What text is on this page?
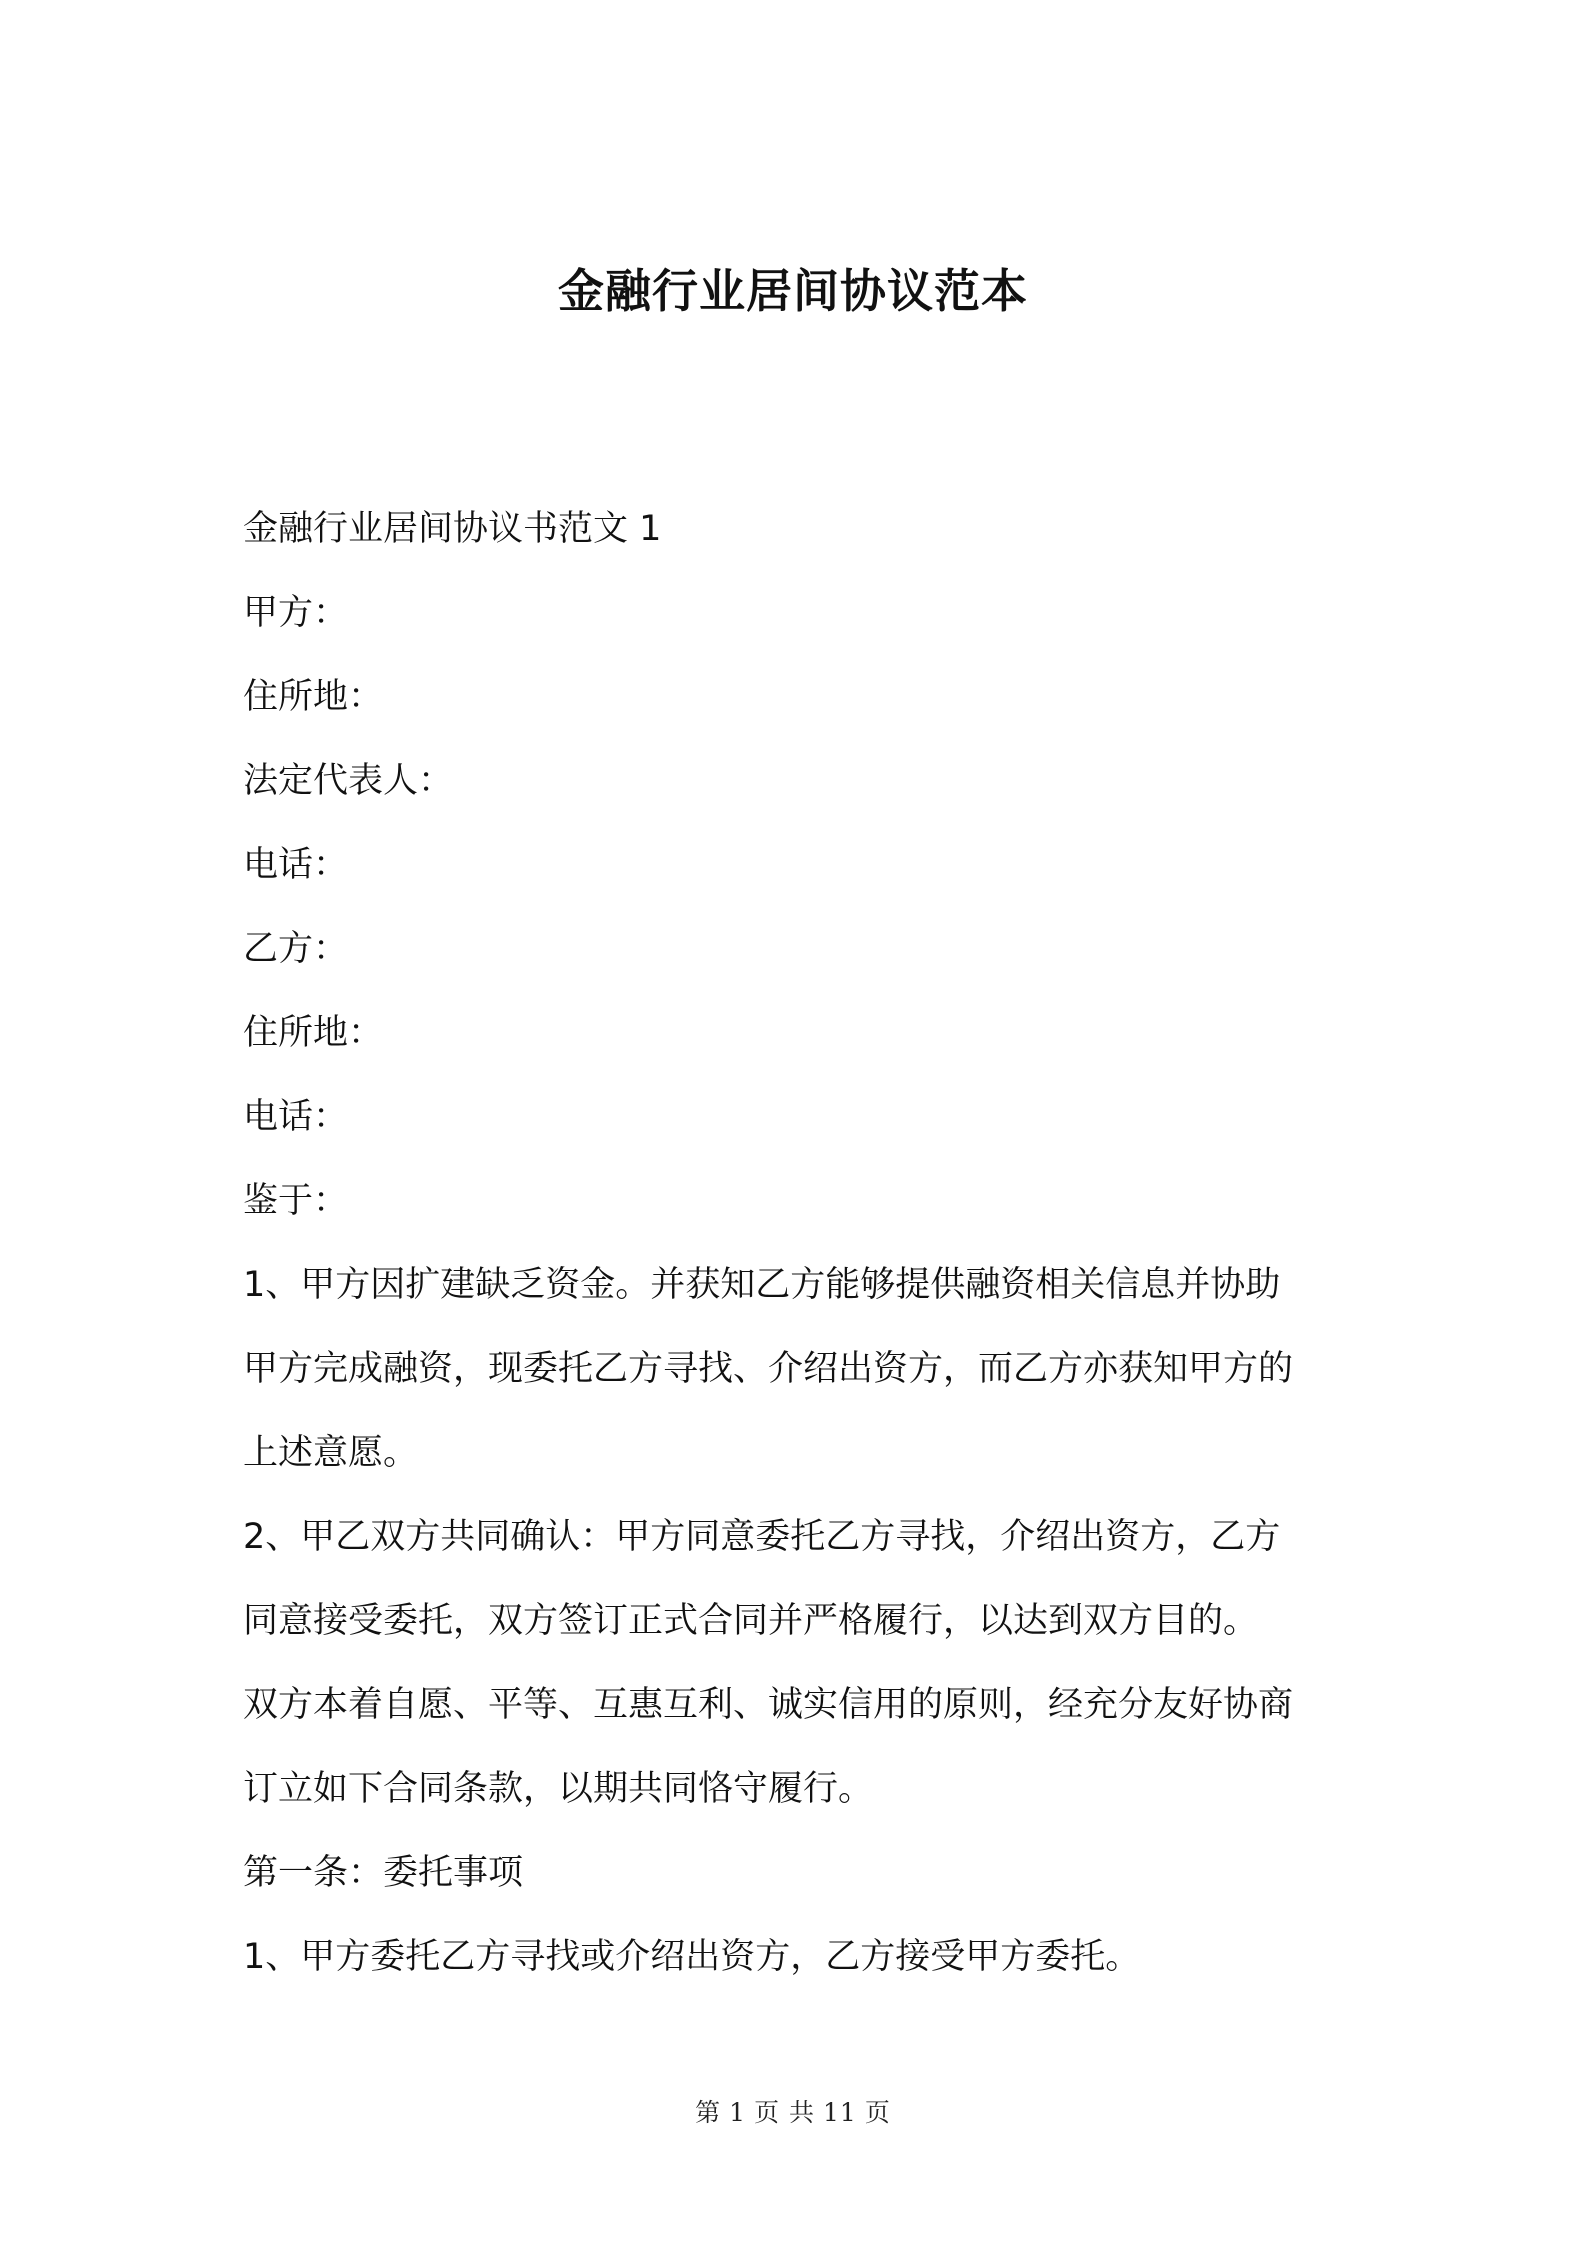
金融行业居间协议范本

金融行业居间协议书范文 1

甲方：

住所地：

法定代表人：

电话：

乙方：

住所地：

电话：

鉴于：

1、甲方因扩建缺乏资金。并获知乙方能够提供融资相关信息并协助

甲方完成融资，现委托乙方寻找、介绍出资方，而乙方亦获知甲方的

上述意愿。

2、甲乙双方共同确认：甲方同意委托乙方寻找，介绍出资方，乙方

同意接受委托，双方签订正式合同并严格履行，以达到双方目的。

双方本着自愿、平等、互惠互利、诚实信用的原则，经充分友好协商

订立如下合同条款，以期共同恪守履行。

第一条：委托事项

1、甲方委托乙方寻找或介绍出资方，乙方接受甲方委托。

第 1 页 共 11 页
